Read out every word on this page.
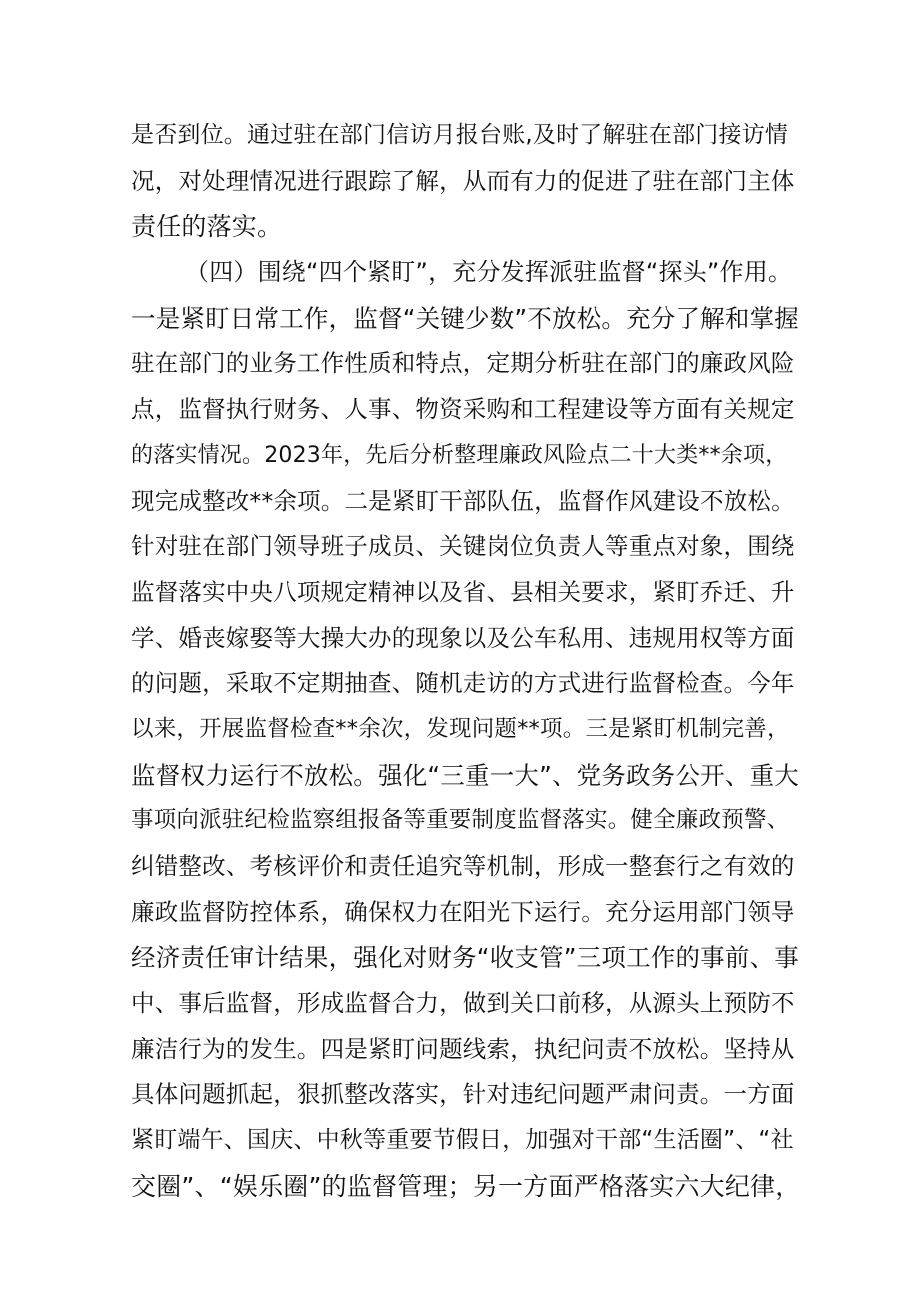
是否到位。通过驻在部门信访月报台账,及时了解驻在部门接访情
况，对处理情况进行跟踪了解，从而有力的促进了驻在部门主体
责任的落实。
（四）围绕“四个紧盯”，充分发挥派驻监督“探头”作用。
一是紧盯日常工作，监督“关键少数”不放松。充分了解和掌握
驻在部门的业务工作性质和特点，定期分析驻在部门的廉政风险
点，监督执行财务、人事、物资采购和工程建设等方面有关规定
的落实情况。2023年，先后分析整理廉政风险点二十大类**余项，
现完成整改**余项。二是紧盯干部队伍，监督作风建设不放松。
针对驻在部门领导班子成员、关键岗位负责人等重点对象，围绕
监督落实中央八项规定精神以及省、县相关要求，紧盯乔迁、升
学、婚丧嫁娶等大操大办的现象以及公车私用、违规用权等方面
的问题，采取不定期抽查、随机走访的方式进行监督检查。今年
以来，开展监督检查**余次，发现问题**项。三是紧盯机制完善，
监督权力运行不放松。强化“三重一大”、党务政务公开、重大
事项向派驻纪检监察组报备等重要制度监督落实。健全廉政预警、
纠错整改、考核评价和责任追究等机制，形成一整套行之有效的
廉政监督防控体系，确保权力在阳光下运行。充分运用部门领导
经济责任审计结果，强化对财务“收支管”三项工作的事前、事
中、事后监督，形成监督合力，做到关口前移，从源头上预防不
廉洁行为的发生。四是紧盯问题线索，执纪问责不放松。坚持从
具体问题抓起，狠抓整改落实，针对违纪问题严肃问责。一方面
紧盯端午、国庆、中秋等重要节假日，加强对干部“生活圈”、“社
交圈”、“娱乐圈”的监督管理；另一方面严格落实六大纪律，
